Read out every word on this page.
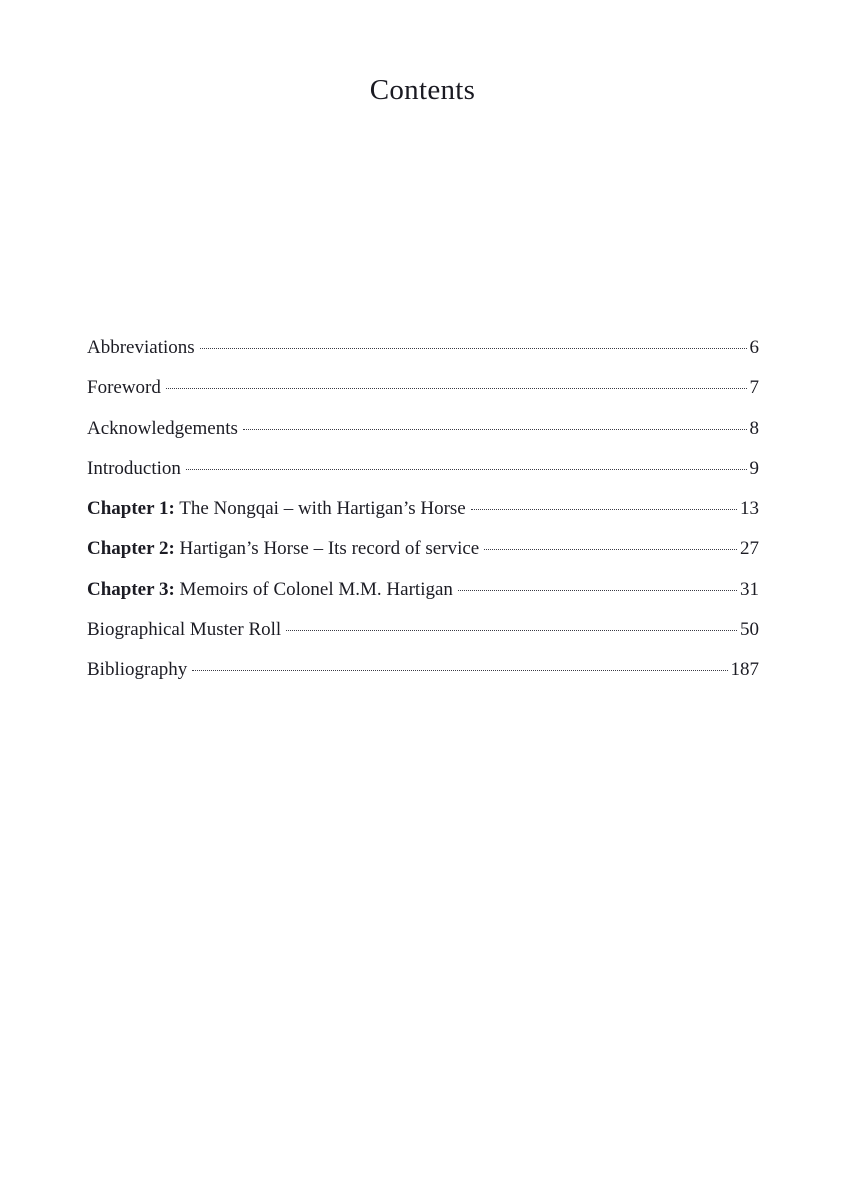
Contents
Abbreviations	6
Foreword	7
Acknowledgements	8
Introduction	9
Chapter 1: The Nongqai – with Hartigan’s Horse	13
Chapter 2: Hartigan’s Horse – Its record of service	27
Chapter 3: Memoirs of Colonel M.M. Hartigan	31
Biographical Muster Roll	50
Bibliography	187
